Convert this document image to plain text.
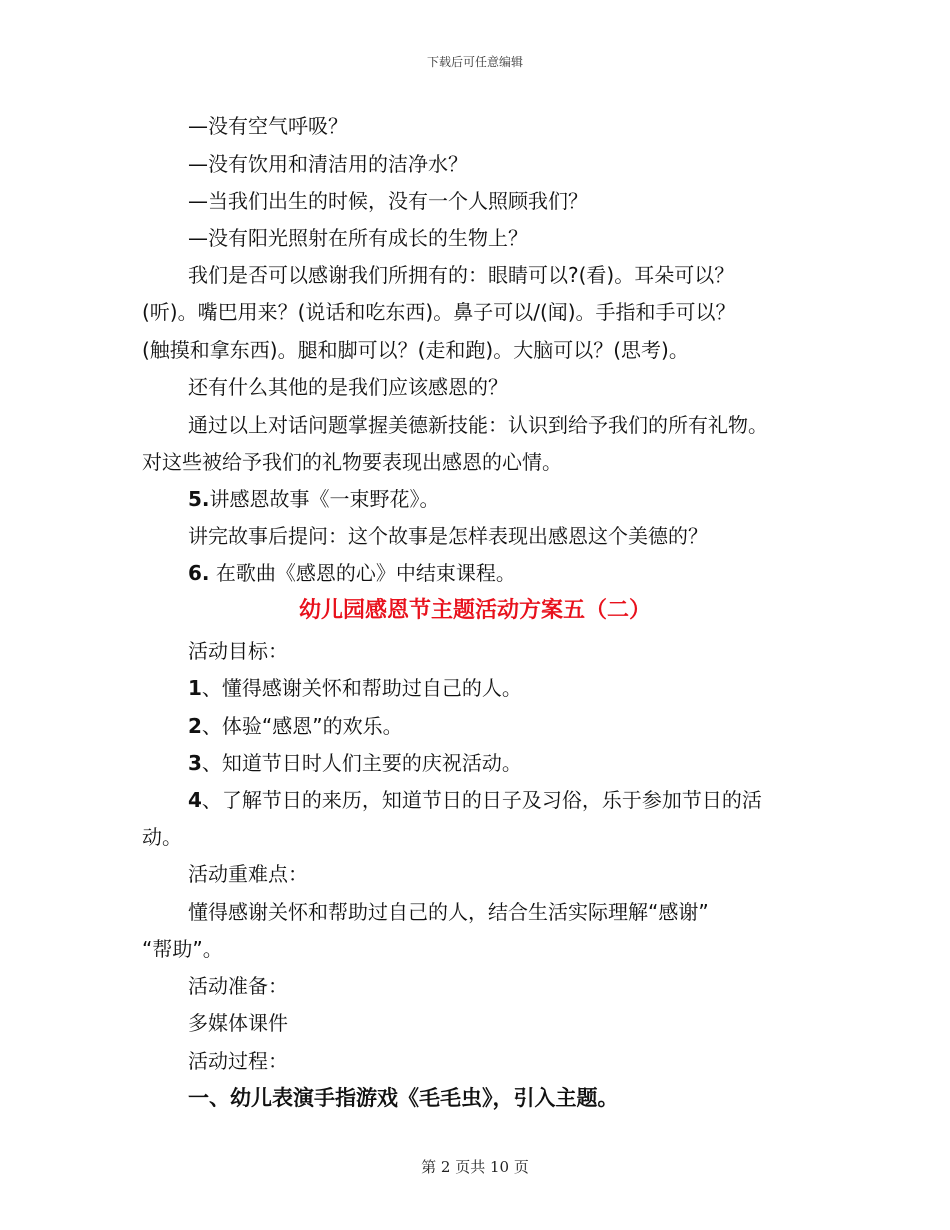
下载后可任意编辑
—没有空气呼吸？
—没有饮用和清洁用的洁净水？
—当我们出生的时候，没有一个人照顾我们？
—没有阳光照射在所有成长的生物上？
我们是否可以感谢我们所拥有的：眼睛可以?(看)。耳朵可以？
(听)。嘴巴用来？(说话和吃东西)。鼻子可以/(闻)。手指和手可以？
(触摸和拿东西)。腿和脚可以？(走和跑)。大脑可以？(思考)。
还有什么其他的是我们应该感恩的？
通过以上对话问题掌握美德新技能：认识到给予我们的所有礼物。
对这些被给予我们的礼物要表现出感恩的心情。
5.讲感恩故事《一束野花》。
讲完故事后提问：这个故事是怎样表现出感恩这个美德的？
6. 在歌曲《感恩的心》中结束课程。
幼儿园感恩节主题活动方案五（二）
活动目标：
1、懂得感谢关怀和帮助过自己的人。
2、体验“感恩”的欢乐。
3、知道节日时人们主要的庆祝活动。
4、了解节日的来历，知道节日的日子及习俗，乐于参加节日的活
动。
活动重难点：
懂得感谢关怀和帮助过自己的人，结合生活实际理解“感谢”
“帮助”。
活动准备：
多媒体课件
活动过程：
一、幼儿表演手指游戏《毛毛虫》，引入主题。
第 2 页共 10 页
